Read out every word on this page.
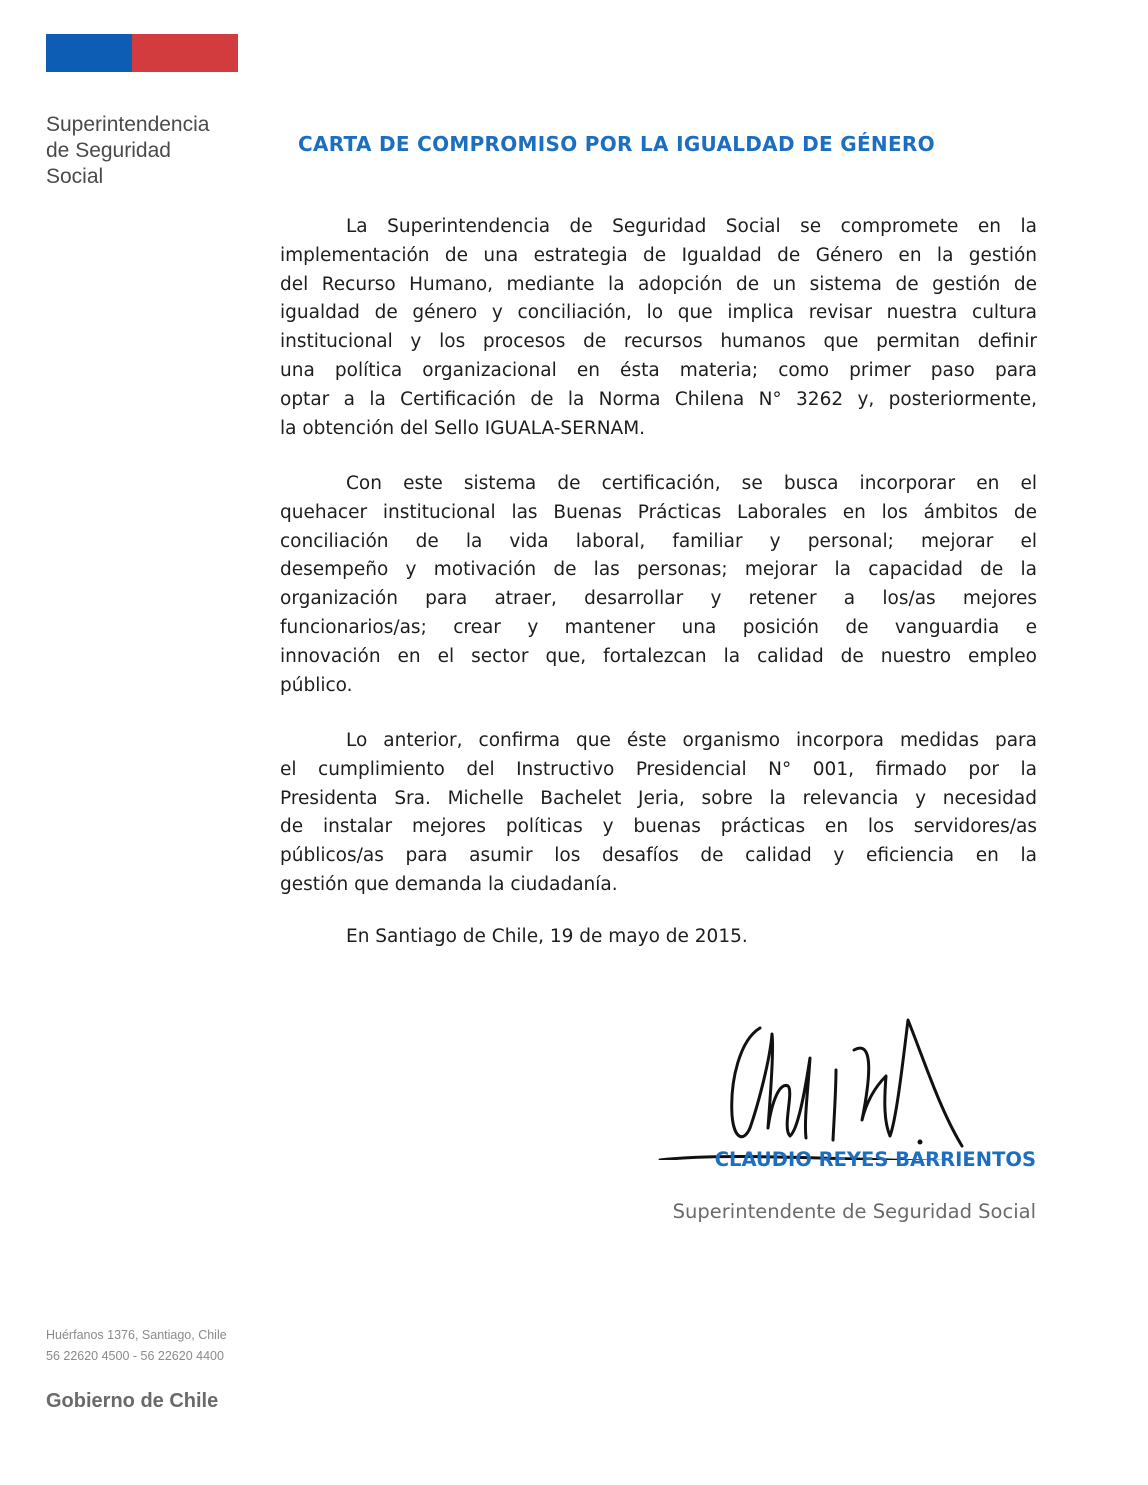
Superintendencia
de Seguridad
Social
CARTA DE COMPROMISO POR LA IGUALDAD DE GÉNERO
La Superintendencia de Seguridad Social se compromete en la
implementación de una estrategia de Igualdad de Género en la gestión
del Recurso Humano, mediante la adopción de un sistema de gestión de
igualdad de género y conciliación, lo que implica revisar nuestra cultura
institucional y los procesos de recursos humanos que permitan definir
una política organizacional en ésta materia; como primer paso para
optar a la Certificación de la Norma Chilena N° 3262 y, posteriormente,
la obtención del Sello IGUALA-SERNAM.
Con este sistema de certificación, se busca incorporar en el
quehacer institucional las Buenas Prácticas Laborales en los ámbitos de
conciliación de la vida laboral, familiar y personal; mejorar el
desempeño y motivación de las personas; mejorar la capacidad de la
organización para atraer, desarrollar y retener a los/as mejores
funcionarios/as; crear y mantener una posición de vanguardia e
innovación en el sector que, fortalezcan la calidad de nuestro empleo
público.
Lo anterior, confirma que éste organismo incorpora medidas para
el cumplimiento del Instructivo Presidencial N° 001, firmado por la
Presidenta Sra. Michelle Bachelet Jeria, sobre la relevancia y necesidad
de instalar mejores políticas y buenas prácticas en los servidores/as
públicos/as para asumir los desafíos de calidad y eficiencia en la
gestión que demanda la ciudadanía.
En Santiago de Chile, 19 de mayo de 2015.
CLAUDIO REYES BARRIENTOS
Superintendente de Seguridad Social
Huérfanos 1376, Santiago, Chile
56 22620 4500 - 56 22620 4400
Gobierno de Chile
